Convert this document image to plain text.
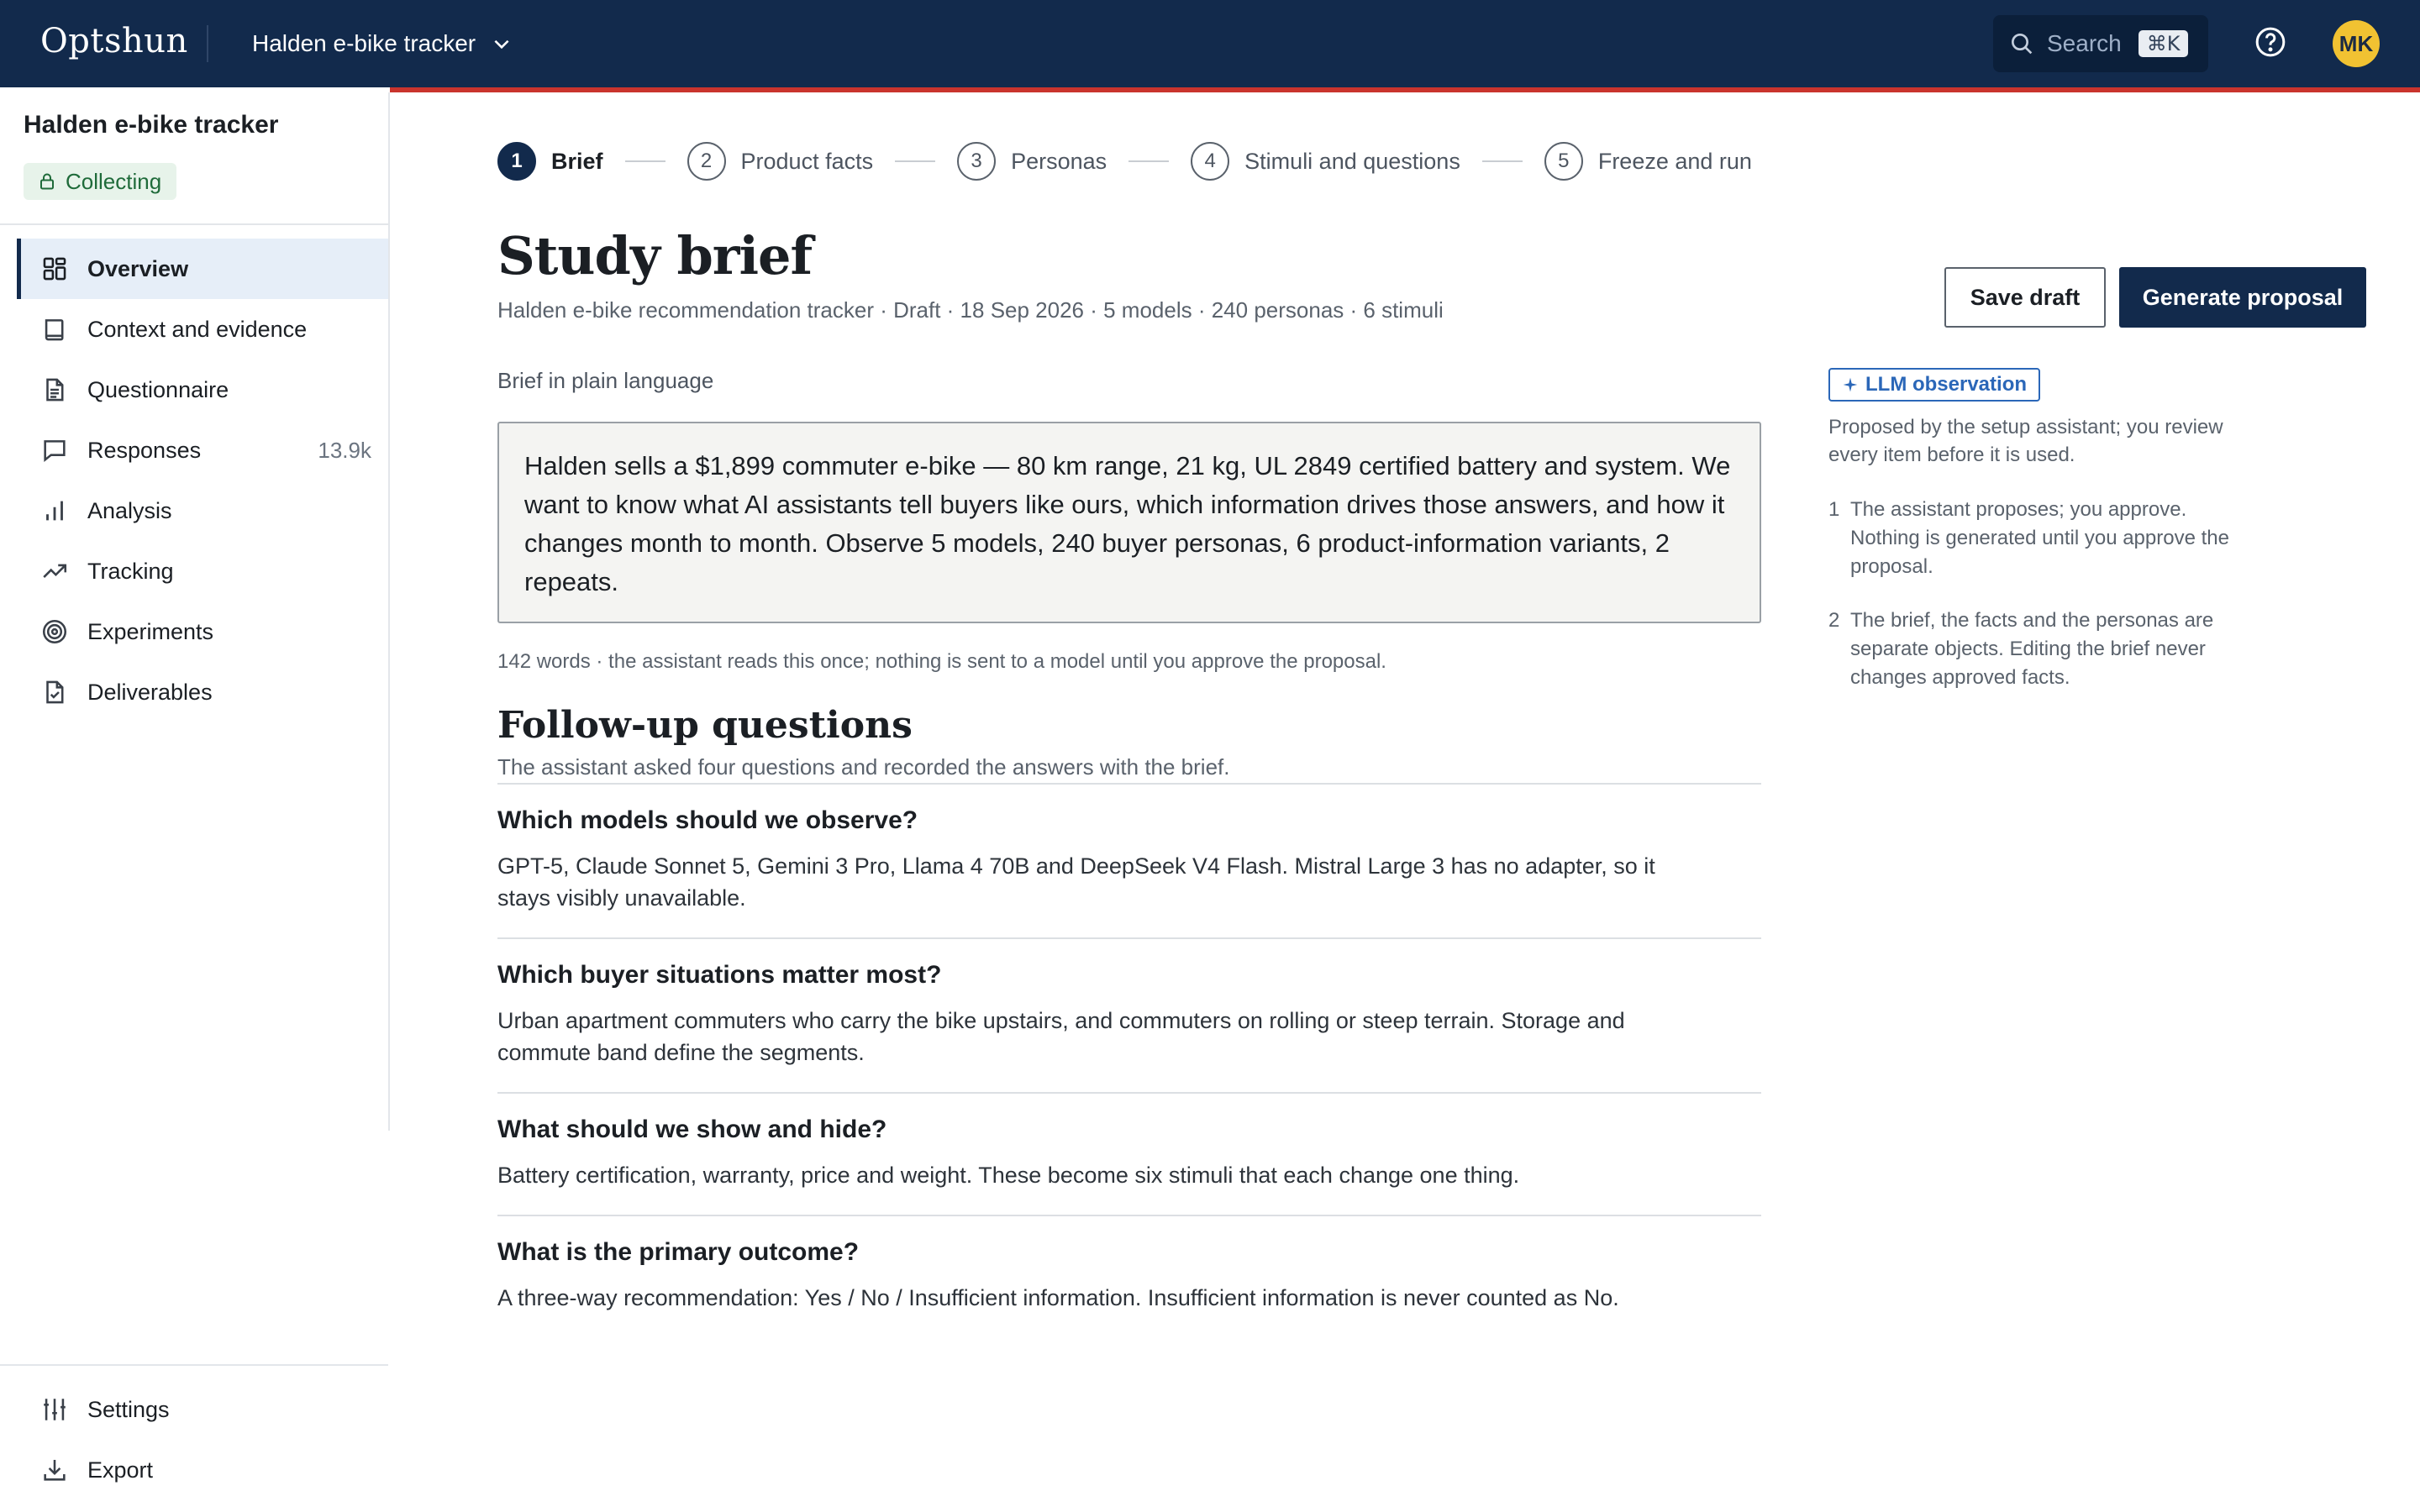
Optshun	Halden e-bike tracker	Search	⌘K	MK
Halden e-bike tracker
Collecting
Overview
Context and evidence
Questionnaire
Responses	13.9k
Analysis
Tracking
Experiments
Deliverables
Settings
Export
1	Brief	2	Product facts	3	Personas	4	Stimuli and questions	5	Freeze and run
Study brief
Halden e-bike recommendation tracker · Draft · 18 Sep 2026 · 5 models · 240 personas · 6 stimuli
Save draft	Generate proposal
Brief in plain language
Halden sells a $1,899 commuter e-bike — 80 km range, 21 kg, UL 2849 certified battery and system. We want to know what AI assistants tell buyers like ours, which information drives those answers, and how it changes month to month. Observe 5 models, 240 buyer personas, 6 product-information variants, 2 repeats.
142 words · the assistant reads this once; nothing is sent to a model until you approve the proposal.
Follow-up questions
The assistant asked four questions and recorded the answers with the brief.
Which models should we observe?
GPT-5, Claude Sonnet 5, Gemini 3 Pro, Llama 4 70B and DeepSeek V4 Flash. Mistral Large 3 has no adapter, so it stays visibly unavailable.
Which buyer situations matter most?
Urban apartment commuters who carry the bike upstairs, and commuters on rolling or steep terrain. Storage and commute band define the segments.
What should we show and hide?
Battery certification, warranty, price and weight. These become six stimuli that each change one thing.
What is the primary outcome?
A three-way recommendation: Yes / No / Insufficient information. Insufficient information is never counted as No.
LLM observation
Proposed by the setup assistant; you review every item before it is used.
1 The assistant proposes; you approve. Nothing is generated until you approve the proposal.
2 The brief, the facts and the personas are separate objects. Editing the brief never changes approved facts.
